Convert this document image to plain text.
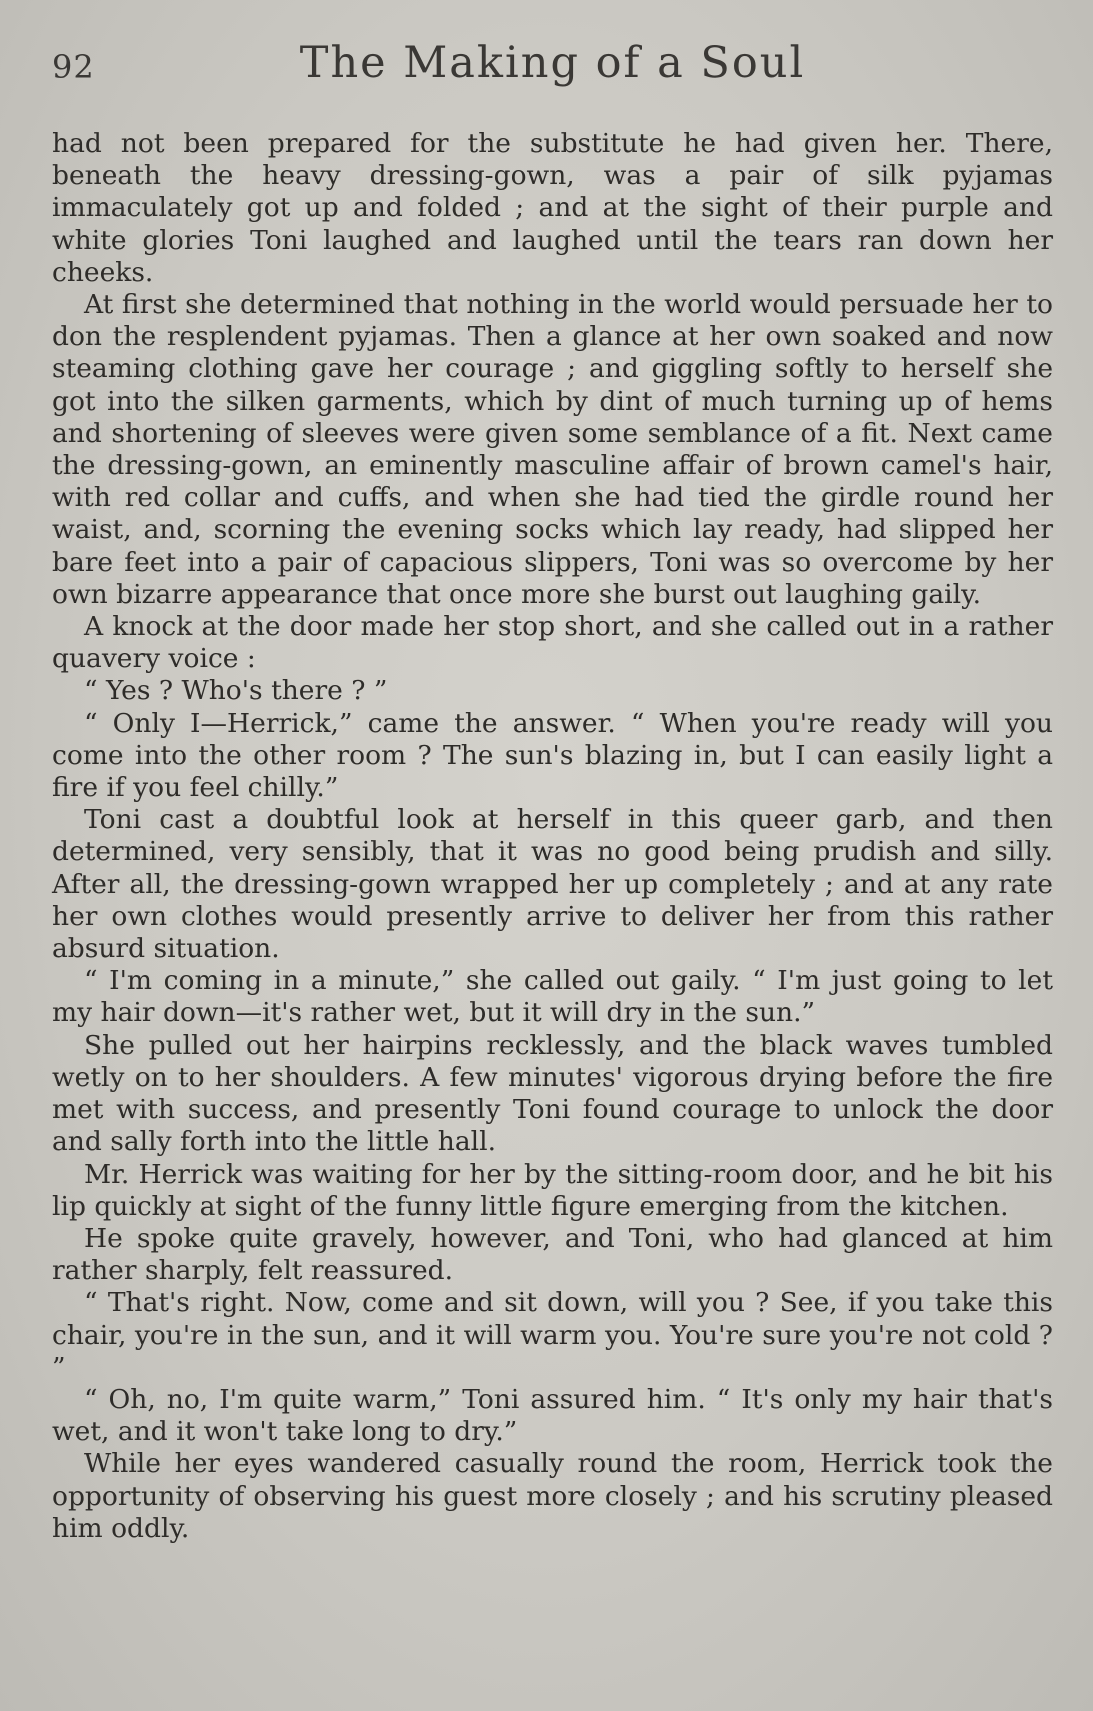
92	The Making of a Soul

had not been prepared for the substitute he had given her. There, beneath the heavy dressing-gown, was a pair of silk pyjamas immaculately got up and folded ; and at the sight of their purple and white glories Toni laughed and laughed until the tears ran down her cheeks.

At first she determined that nothing in the world would persuade her to don the resplendent pyjamas. Then a glance at her own soaked and now steaming clothing gave her courage ; and giggling softly to herself she got into the silken garments, which by dint of much turning up of hems and shortening of sleeves were given some semblance of a fit. Next came the dressing-gown, an eminently masculine affair of brown camel's hair, with red collar and cuffs, and when she had tied the girdle round her waist, and, scorning the evening socks which lay ready, had slipped her bare feet into a pair of capacious slippers, Toni was so overcome by her own bizarre appearance that once more she burst out laughing gaily.

A knock at the door made her stop short, and she called out in a rather quavery voice :

“ Yes ? Who's there ? ”

“ Only I—Herrick,” came the answer. “ When you're ready will you come into the other room ? The sun's blazing in, but I can easily light a fire if you feel chilly.”

Toni cast a doubtful look at herself in this queer garb, and then determined, very sensibly, that it was no good being prudish and silly. After all, the dressing-gown wrapped her up completely ; and at any rate her own clothes would presently arrive to deliver her from this rather absurd situation.

“ I'm coming in a minute,” she called out gaily. “ I'm just going to let my hair down—it's rather wet, but it will dry in the sun.”

She pulled out her hairpins recklessly, and the black waves tumbled wetly on to her shoulders. A few minutes' vigorous drying before the fire met with success, and presently Toni found courage to unlock the door and sally forth into the little hall.

Mr. Herrick was waiting for her by the sitting-room door, and he bit his lip quickly at sight of the funny little figure emerging from the kitchen.

He spoke quite gravely, however, and Toni, who had glanced at him rather sharply, felt reassured.

“ That's right. Now, come and sit down, will you ? See, if you take this chair, you're in the sun, and it will warm you. You're sure you're not cold ? ”

“ Oh, no, I'm quite warm,” Toni assured him. “ It's only my hair that's wet, and it won't take long to dry.”

While her eyes wandered casually round the room, Herrick took the opportunity of observing his guest more closely ; and his scrutiny pleased him oddly.
